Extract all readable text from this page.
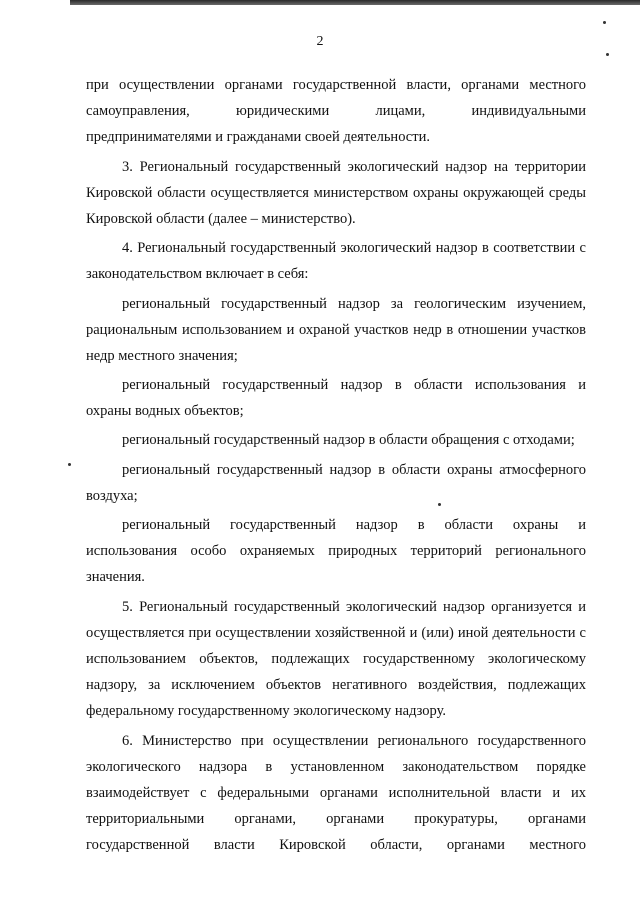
2
при осуществлении органами государственной власти, органами местного
самоуправления, юридическими лицами, индивидуальными
предпринимателями и гражданами своей деятельности.
3. Региональный государственный экологический надзор на территории
Кировской области осуществляется министерством охраны окружающей среды
Кировской области (далее – министерство).
4. Региональный государственный экологический надзор в соответствии с
законодательством включает в себя:
региональный государственный надзор за геологическим изучением,
рациональным использованием и охраной участков недр в отношении участков
недр местного значения;
региональный государственный надзор в области использования и
охраны водных объектов;
региональный государственный надзор в области обращения с отходами;
региональный государственный надзор в области охраны атмосферного
воздуха;
региональный государственный надзор в области охраны и
использования особо охраняемых природных территорий регионального
значения.
5. Региональный государственный экологический надзор организуется и
осуществляется при осуществлении хозяйственной и (или) иной деятельности с
использованием объектов, подлежащих государственному экологическому
надзору, за исключением объектов негативного воздействия, подлежащих
федеральному государственному экологическому надзору.
6. Министерство при осуществлении регионального государственного
экологического надзора в установленном законодательством порядке
взаимодействует с федеральными органами исполнительной власти и их
территориальными органами, органами прокуратуры, органами
государственной власти Кировской области, органами местного
